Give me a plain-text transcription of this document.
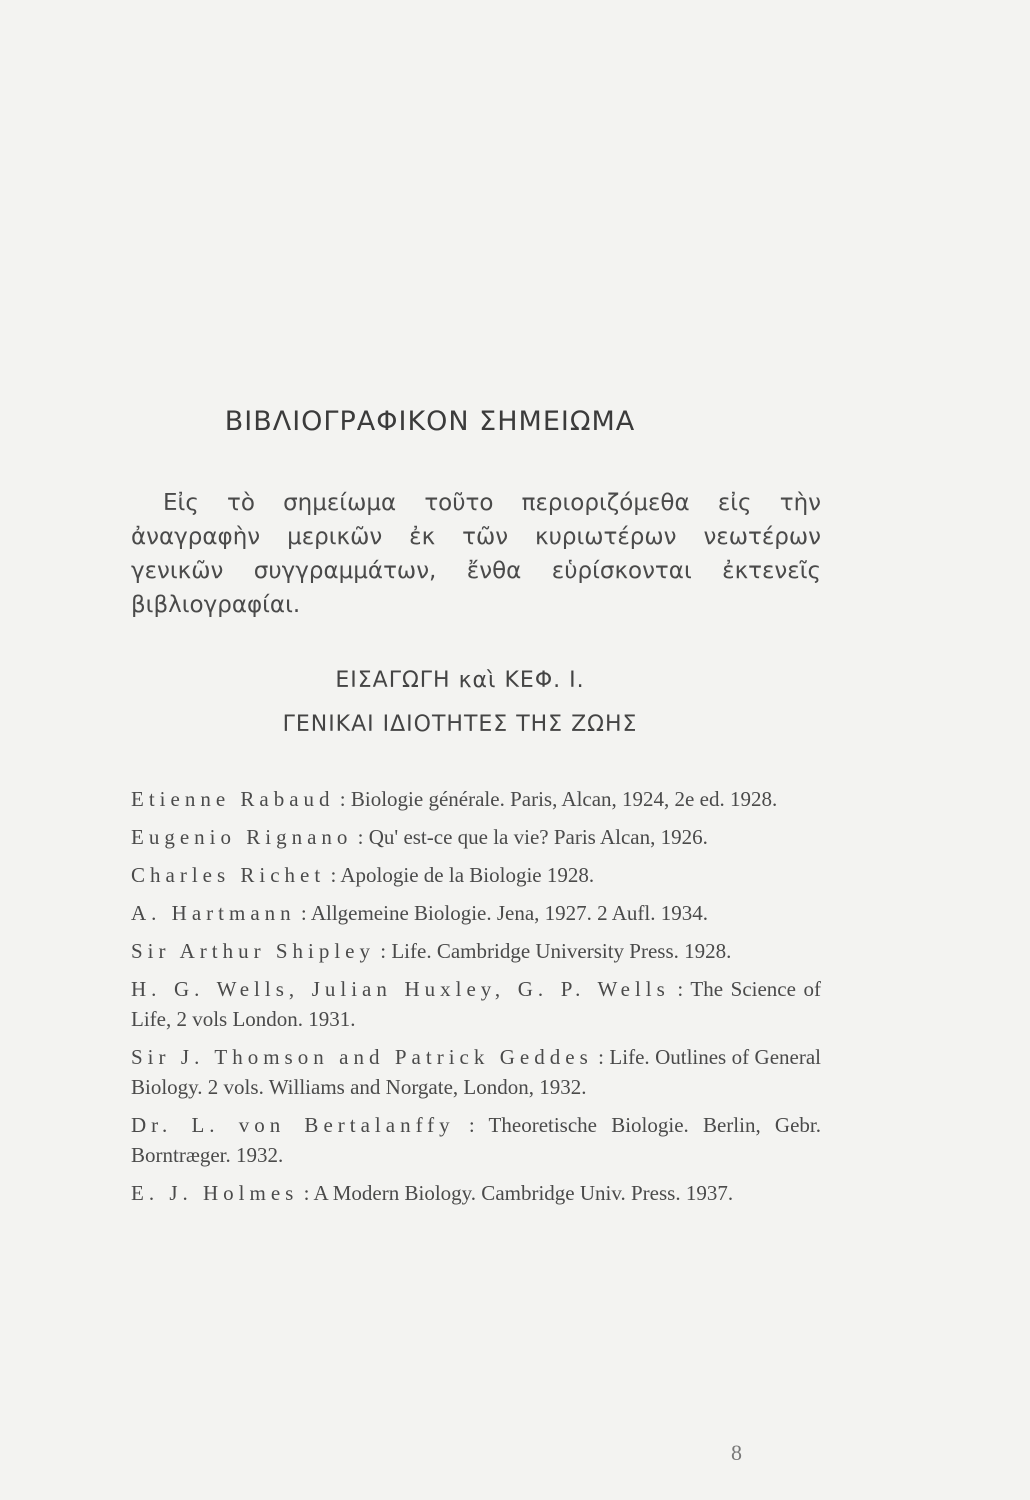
ΒΙΒΛΙΟΓΡΑΦΙΚΟΝ ΣΗΜΕΙΩΜΑ

Εἰς τὸ σημείωμα τοῦτο περιοριζόμεθα εἰς τὴν ἀναγραφὴν μερικῶν ἐκ τῶν κυριωτέρων νεωτέρων γενικῶν συγγραμμάτων, ἔνθα εὑρίσκονται ἐκτενεῖς βιβλιογραφίαι.

ΕΙΣΑΓΩΓΗ καὶ ΚΕΦ. Ι.
ΓΕΝΙΚΑΙ ΙΔΙΟΤΗΤΕΣ ΤΗΣ ΖΩΗΣ
Etienne Rabaud : Biologie générale. Paris, Alcan, 1924, 2e ed. 1928.
Eugenio Rignano : Qu' est-ce que la vie? Paris Alcan, 1926.
Charles Richet : Apologie de la Biologie 1928.
A. Hartmann : Allgemeine Biologie. Jena, 1927. 2 Aufl. 1934.
Sir Arthur Shipley : Life. Cambridge University Press. 1928.
H. G. Wells, Julian Huxley, G. P. Wells : The Science of Life, 2 vols London. 1931.
Sir J. Thomson and Patrick Geddes : Life. Outlines of General Biology. 2 vols. Williams and Norgate, London, 1932.
Dr. L. von Bertalanffy : Theoretische Biologie. Berlin, Gebr. Borntræger. 1932.
E. J. Holmes : A Modern Biology. Cambridge Univ. Press. 1937.

8
